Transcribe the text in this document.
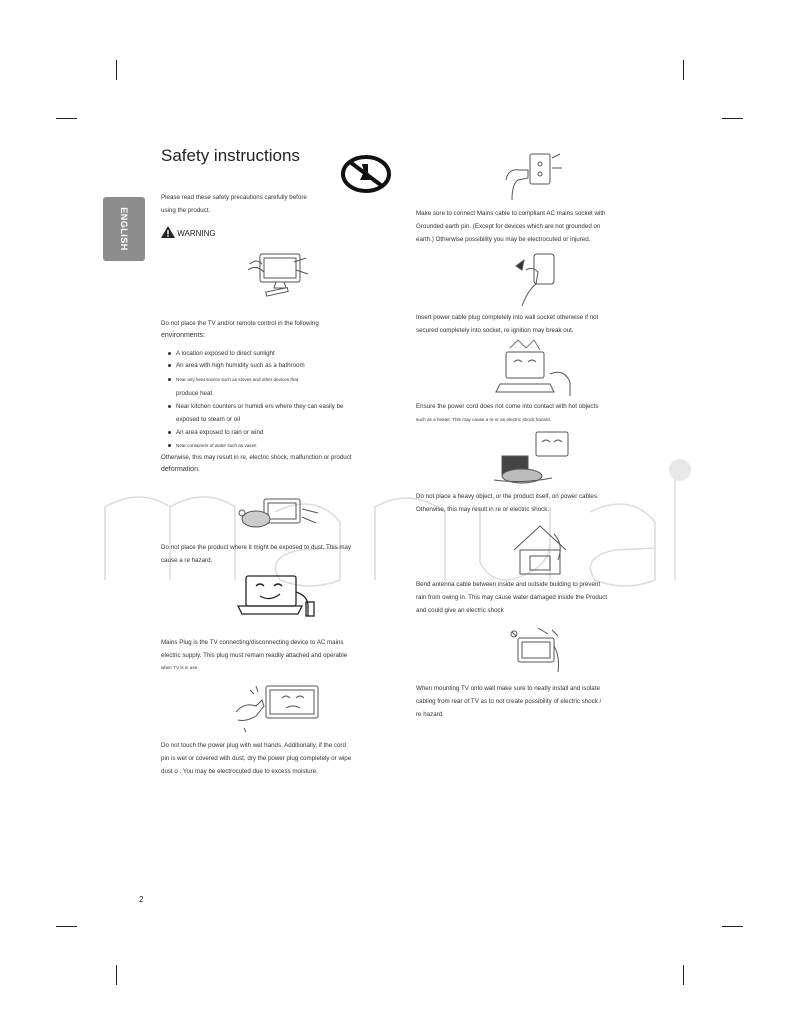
Safety instructions
ENGLISH
Please read these safety precautions carefully before
using the product.
WARNING
Do not place the TV and/or remote control in the following
environments:
A location exposed to direct sunlight
An area with high humidity such as a bathroom
Near any heat source such as stoves and other devices that
produce heat
Near kitchen counters or humidi ers where they can easily be
exposed to steam or oil
An area exposed to rain or wind
Near containers of water such as vases
Otherwise, this may result in re, electric shock, malfunction or product
deformation.
Do not place the product where it might be exposed to dust. This may
cause a re hazard.
Mains Plug is the TV connecting/disconnecting device to AC mains
electric supply. This plug must remain readily attached and operable
when TV is in use.
Do not touch the power plug with wet hands. Additionally, if the cord
pin is wet or covered with dust, dry the power plug completely or wipe
dust o . You may be electrocuted due to excess moisture.
Make sure to connect Mains cable to compliant AC mains socket with
Grounded earth pin. (Except for devices which are not grounded on
earth.) Otherwise possibility you may be electrocuted or injured.
Insert power cable plug completely into wall socket otherwise if not
secured completely into socket, re ignition may break out.
Ensure the power cord does not come into contact with hot objects
such as a heater. This may cause a re or an electric shock hazard.
Do not place a heavy object, or the product itself, on power cables.
Otherwise, this may result in re or electric shock.
Bend antenna cable between inside and outside building to prevent
rain from owing in. This may cause water damaged inside the Product
and could give an electric shock
When mounting TV onto wall make sure to neatly install and isolate
cabling from rear of TV as to not create possibility of electric shock /
re hazard.
2
